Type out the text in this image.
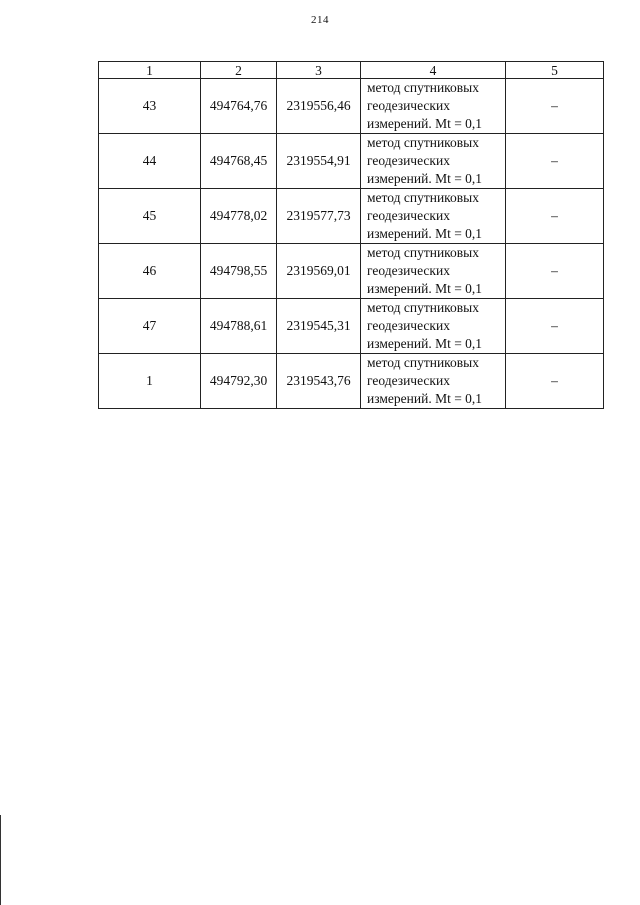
214
1	2	3	4	5
43	494764,76	2319556,46	метод спутниковых
геодезических
измерений. Mt = 0,1	–
44	494768,45	2319554,91	метод спутниковых
геодезических
измерений. Mt = 0,1	–
45	494778,02	2319577,73	метод спутниковых
геодезических
измерений. Mt = 0,1	–
46	494798,55	2319569,01	метод спутниковых
геодезических
измерений. Mt = 0,1	–
47	494788,61	2319545,31	метод спутниковых
геодезических
измерений. Mt = 0,1	–
1	494792,30	2319543,76	метод спутниковых
геодезических
измерений. Mt = 0,1	–
